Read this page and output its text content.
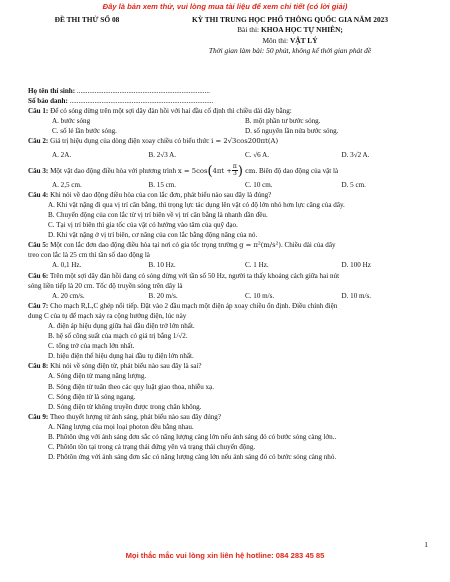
Đây là bản xem thử, vui lòng mua tài liệu để xem chi tiết (có lời giải)
ĐỀ THI THỬ SỐ 08	KỲ THI TRUNG HỌC PHỔ THÔNG QUỐC GIA NĂM 2023
Bài thi: KHOA HỌC TỰ NHIÊN;
Môn thi: VẬT LÝ
Thời gian làm bài: 50 phút, không kể thời gian phát đề
Họ tên thí sinh: ...........................................................................
Số báo danh: .................................................................................
Câu 1: Để có sóng dừng trên một sợi dây đàn hồi với hai đầu cố định thì chiều dài dây bằng:
A. bước sóng	B. một phần tư bước sóng.
C. số lẻ lần bước sóng.	D. số nguyên lần nửa bước sóng.
Câu 2: Giá trị hiệu dụng của dòng điện xoay chiều có biểu thức i = 2√3cos200πt(A)
A. 2A.	B. 2√3 A.	C. √6 A.	D. 3√2 A.
Câu 3: Một vật dao động điều hòa với phương trình $x = 5\cos(4\pi t + \frac{\pi}{3}$ ) cm. Biên độ dao động của vật là
A. 2,5 cm.	B. 15 cm.	C. 10 cm.	D. 5 cm.
Câu 4: Khi nói về dao động điều hòa của con lắc đơn, phát biểu nào sau đây là đúng?
A. Khi vật nặng đi qua vị trí cân bằng, thì trọng lực tác dụng lên vật có độ lớn nhỏ hơn lực căng của dây.
B. Chuyển động của con lắc từ vị trí biên về vị trí cân bằng là nhanh dần đều.
C. Tại vị trí biên thì gia tốc của vật có hướng vào tâm của quỹ đạo.
D. Khi vật nặng ở vị trí biên, cơ năng của con lắc bằng động năng của nó.
Câu 5: Một con lắc đơn dao động điều hòa tại nơi có gia tốc trọng trường g = π²(m/s²). Chiều dài của dây
treo con lắc là 25 cm thì tần số dao động là
A. 0,1 Hz.	B. 10 Hz.	C. 1 Hz.	D. 100 Hz
Câu 6: Trên một sợi dây đàn hồi đang có sóng dừng với tần số 50 Hz, người ta thấy khoảng cách giữa hai nút
sóng liền tiếp là 20 cm. Tốc độ truyền sóng trên dây là
A. 20 cm/s.	B. 20 m/s.	C. 10 m/s.	D. 10 m/s.
Câu 7: Cho mạch R,L,C ghép nối tiếp. Đặt vào 2 đầu mạch một điện áp xoay chiều ổn định. Điều chỉnh điện
dung C của tụ để mạch xảy ra cộng hưởng điện, lúc này
A. điện áp hiệu dụng giữa hai đầu điện trở lớn nhất.
B. hệ số công suất của mạch có giá trị bằng 1/√2.
C. tổng trở của mạch lớn nhất.
D. hiệu điện thế hiệu dụng hai đầu tụ điện lớn nhất.
Câu 8: Khi nói về sóng điện từ, phát biểu nào sau đây là sai?
A. Sóng điện từ mang năng lượng.
B. Sóng điện từ tuân theo các quy luật giao thoa, nhiễu xạ.
C. Sóng điện từ là sóng ngang.
D. Sóng điện từ không truyền được trong chân không.
Câu 9: Theo thuyết lượng tử ánh sáng, phát biểu nào sau đây đúng?
A. Năng lượng của mọi loại photon đều bằng nhau.
B. Phôtôn ứng với ánh sáng đơn sắc có năng lượng càng lớn nếu ánh sáng đó có bước sóng càng lớn..
C. Phôtôn tồn tại trong cả trạng thái đứng yên và trạng thái chuyển động.
D. Phôtôn ứng với ánh sáng đơn sắc có năng lượng càng lớn nếu ánh sáng đó có bước sóng càng nhỏ.
1
Mọi thắc mắc vui lòng xin liên hệ hotline: 084 283 45 85
